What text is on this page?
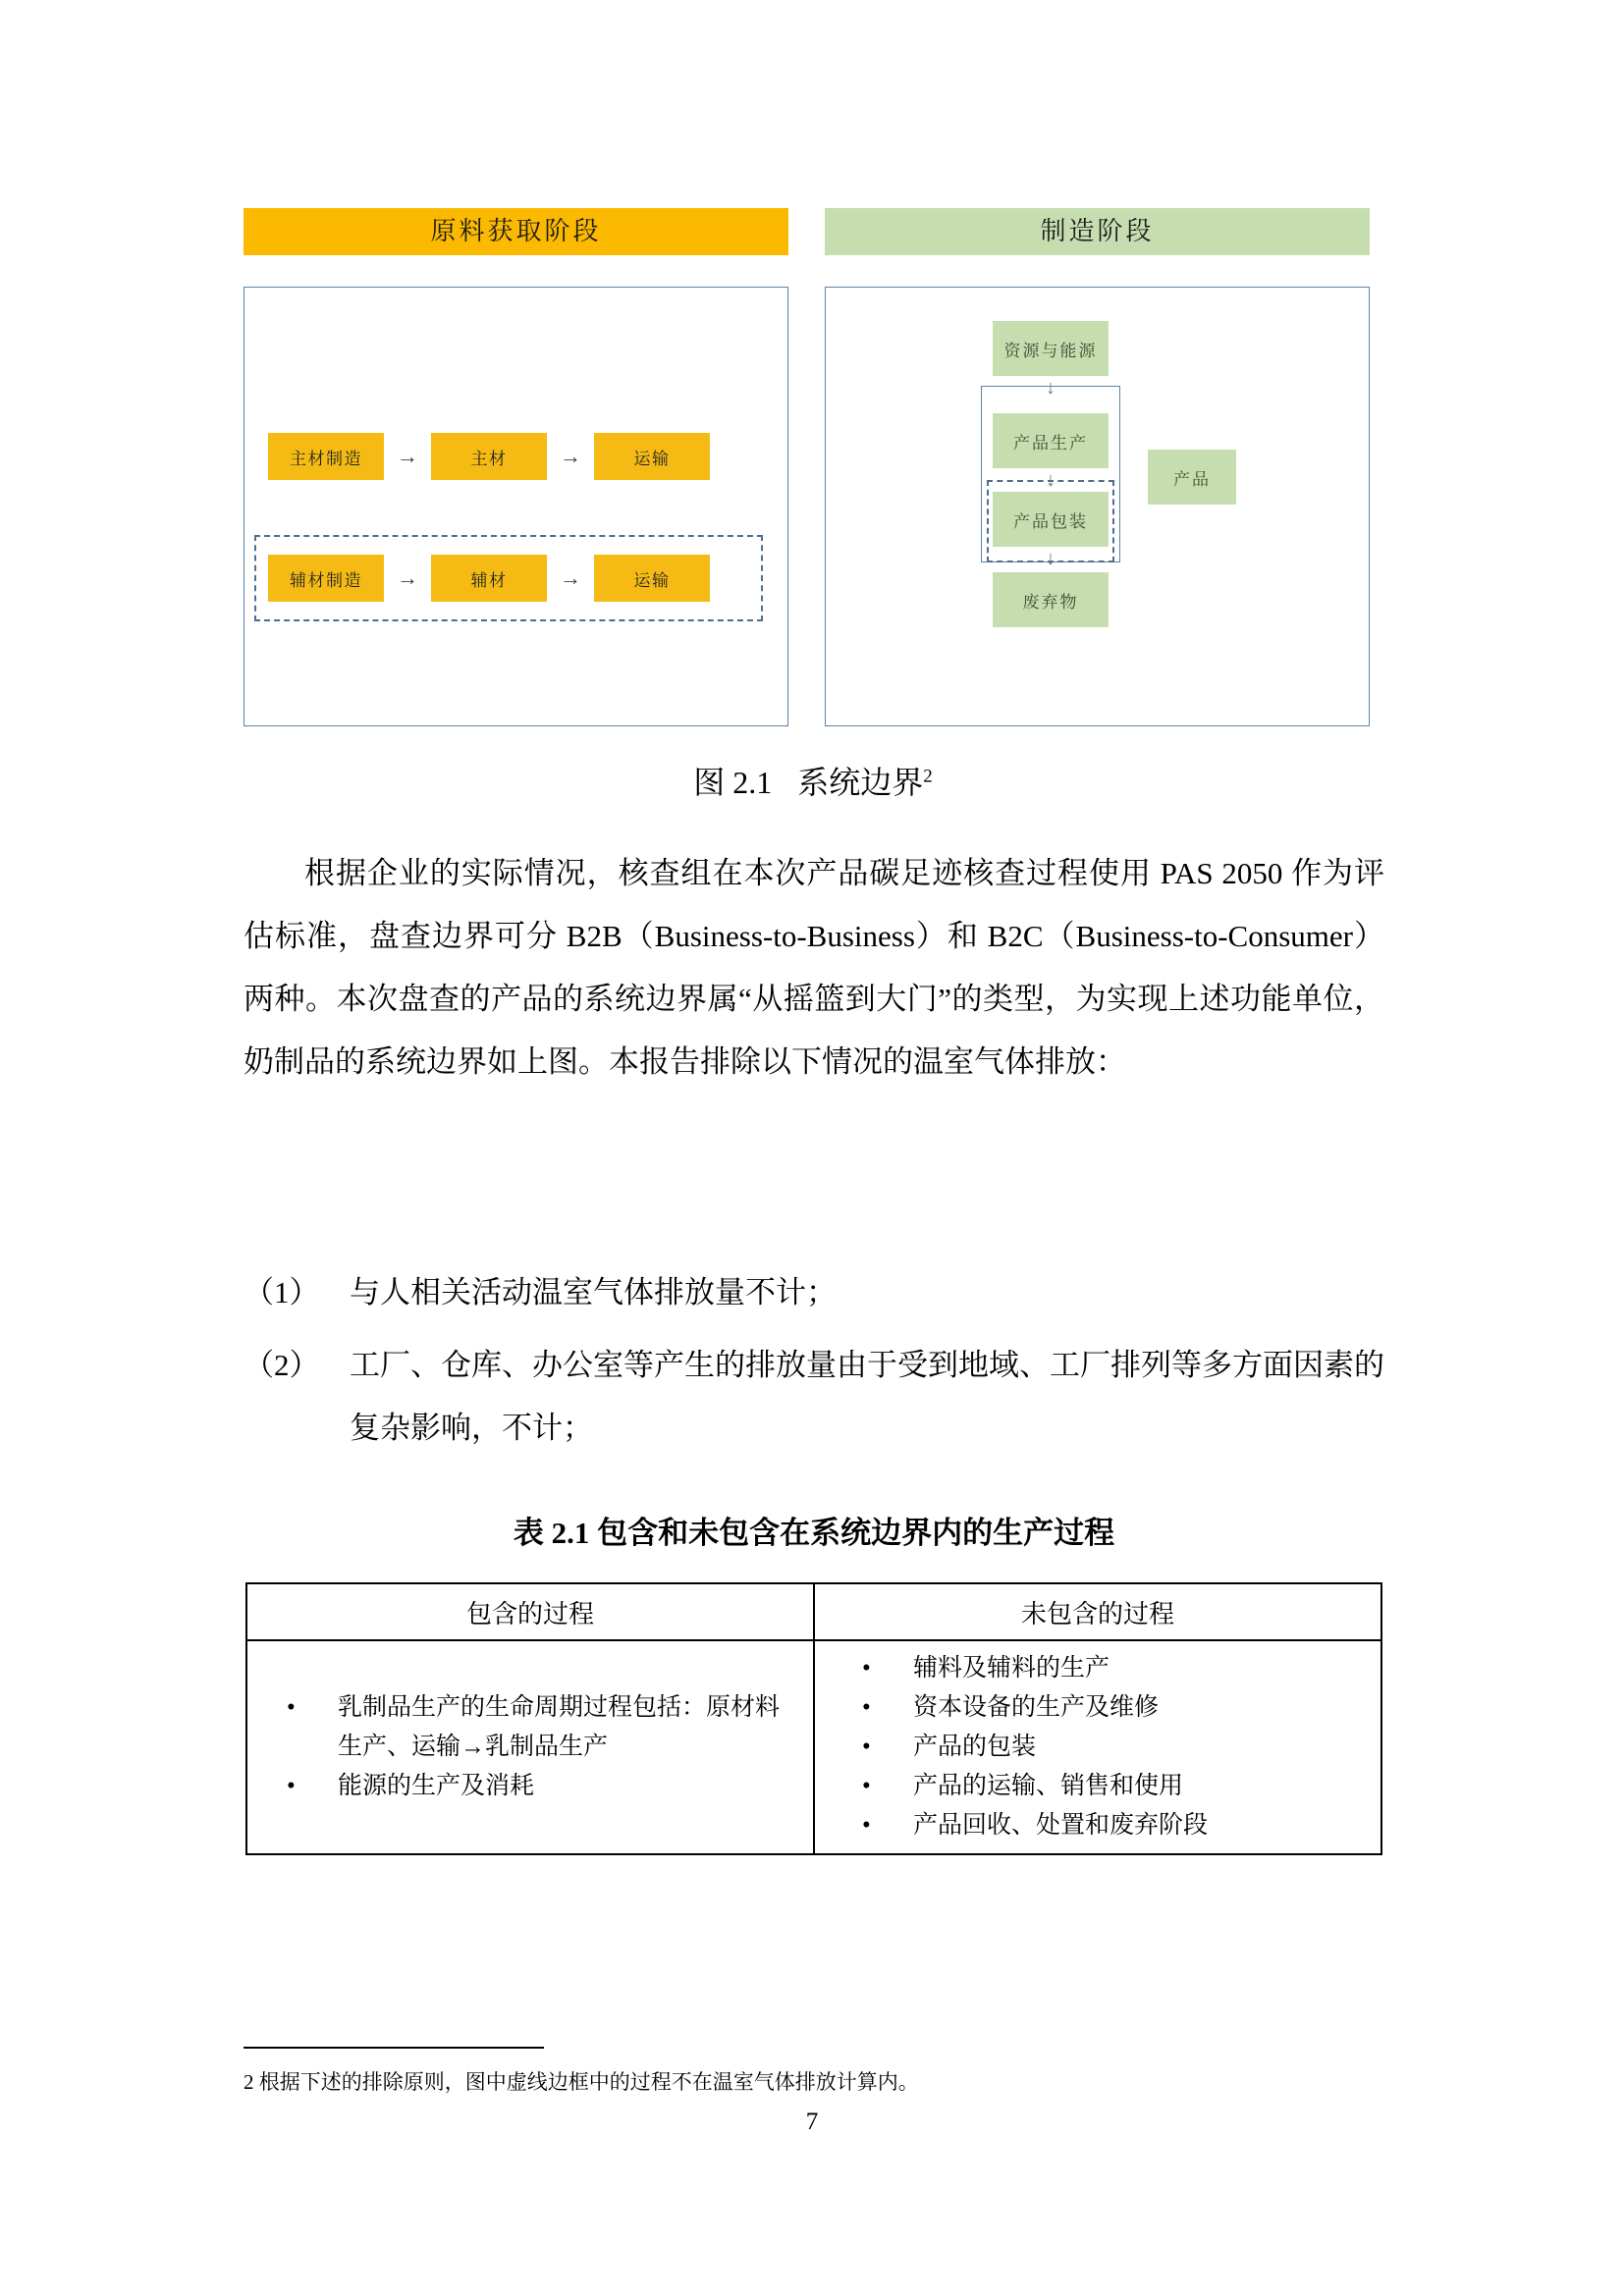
原料获取阶段
主材制造	→	主材	→	运输
辅材制造	→	辅材	→	运输
制造阶段
资源与能源
↓
产品生产
↓
产品包装
↓
废弃物
产品
图 2.1 系统边界$^2$
根据企业的实际情况，核查组在本次产品碳足迹核查过程使用 PAS 2050 作为评估标准，盘查边界可分 B2B（Business-to-Business）和 B2C（Business-to-Consumer）两种。本次盘查的产品的系统边界属“从摇篮到大门”的类型，为实现上述功能单位，奶制品的系统边界如上图。本报告排除以下情况的温室气体排放：
（1） 与人相关活动温室气体排放量不计；
（2） 工厂、仓库、办公室等产生的排放量由于受到地域、工厂排列等多方面因素的复杂影响，不计；
表 2.1 包含和未包含在系统边界内的生产过程
包含的过程	未包含的过程

• 乳制品生产的生命周期过程包括：原材料生产、运输→乳制品生产
• 能源的生产及消耗

• 辅料及辅料的生产
• 资本设备的生产及维修
• 产品的包装
• 产品的运输、销售和使用
• 产品回收、处置和废弃阶段
2 根据下述的排除原则，图中虚线边框中的过程不在温室气体排放计算内。
7
